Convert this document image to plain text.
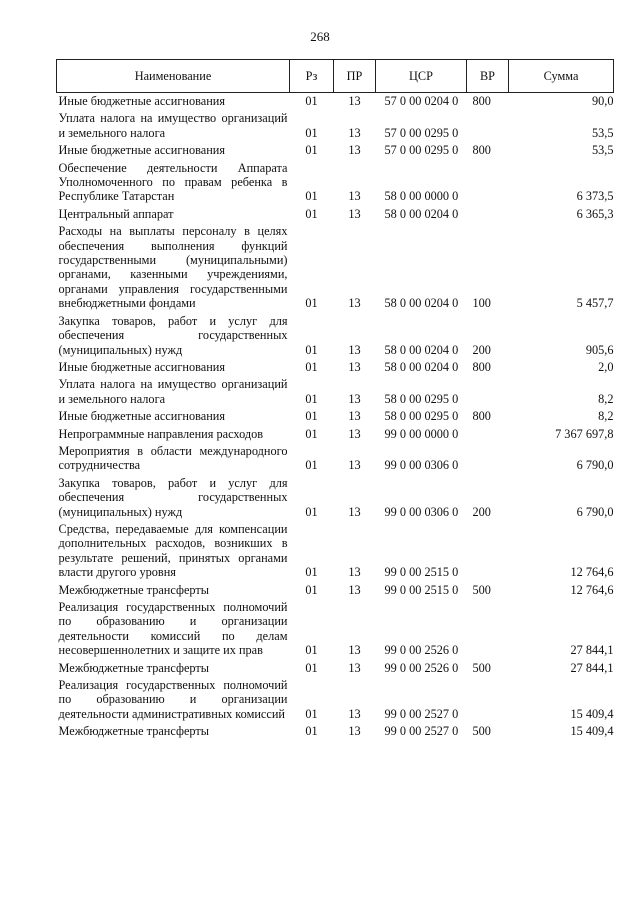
268
Наименование	Рз	ПР	ЦСР	ВР	Сумма
Иные бюджетные ассигнования	01	13	57 0 00 0204 0	800	90,0
Уплата налога на имущество организаций и земельного налога	01	13	57 0 00 0295 0		53,5
Иные бюджетные ассигнования	01	13	57 0 00 0295 0	800	53,5
Обеспечение деятельности Аппарата Уполномоченного по правам ребенка в Республике Татарстан	01	13	58 0 00 0000 0		6 373,5
Центральный аппарат	01	13	58 0 00 0204 0		6 365,3
Расходы на выплаты персоналу в целях обеспечения выполнения функций государственными (муниципальными) органами, казенными учреждениями, органами управления государственными внебюджетными фондами	01	13	58 0 00 0204 0	100	5 457,7
Закупка товаров, работ и услуг для обеспечения государственных (муниципальных) нужд	01	13	58 0 00 0204 0	200	905,6
Иные бюджетные ассигнования	01	13	58 0 00 0204 0	800	2,0
Уплата налога на имущество организаций и земельного налога	01	13	58 0 00 0295 0		8,2
Иные бюджетные ассигнования	01	13	58 0 00 0295 0	800	8,2
Непрограммные направления расходов	01	13	99 0 00 0000 0		7 367 697,8
Мероприятия в области международного сотрудничества	01	13	99 0 00 0306 0		6 790,0
Закупка товаров, работ и услуг для обеспечения государственных (муниципальных) нужд	01	13	99 0 00 0306 0	200	6 790,0
Средства, передаваемые для компенсации дополнительных расходов, возникших в результате решений, принятых органами власти другого уровня	01	13	99 0 00 2515 0		12 764,6
Межбюджетные трансферты	01	13	99 0 00 2515 0	500	12 764,6
Реализация государственных полномочий по образованию и организации деятельности комиссий по делам несовершеннолетних и защите их прав	01	13	99 0 00 2526 0		27 844,1
Межбюджетные трансферты	01	13	99 0 00 2526 0	500	27 844,1
Реализация государственных полномочий по образованию и организации деятельности административных комиссий	01	13	99 0 00 2527 0		15 409,4
Межбюджетные трансферты	01	13	99 0 00 2527 0	500	15 409,4
